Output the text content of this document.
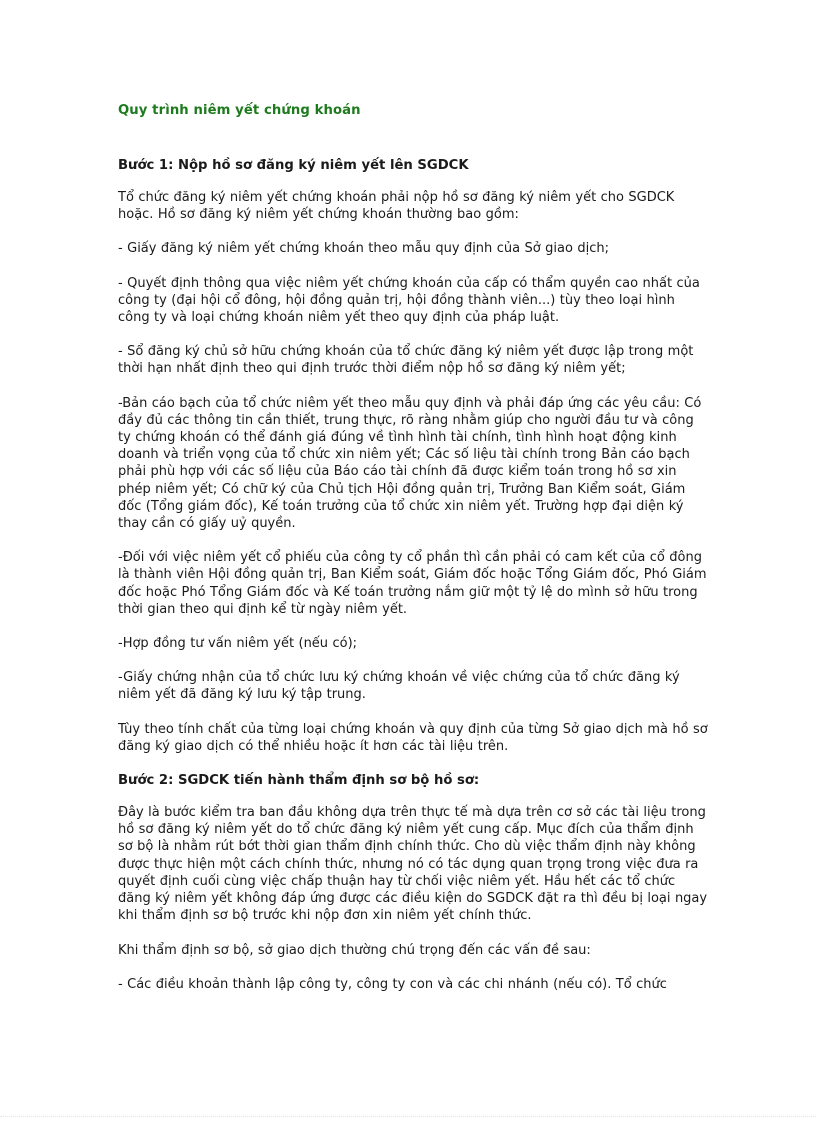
Quy trình niêm yết chứng khoán
Bước 1: Nộp hồ sơ đăng ký niêm yết lên SGDCK

Tổ chức đăng ký niêm yết chứng khoán phải nộp hồ sơ đăng ký niêm yết cho SGDCK hoặc. Hồ sơ đăng ký niêm yết chứng khoán thường bao gồm:

- Giấy đăng ký niêm yết chứng khoán theo mẫu quy định của Sở giao dịch;

- Quyết định thông qua việc niêm yết chứng khoán của cấp có thẩm quyền cao nhất của công ty (đại hội cổ đông, hội đồng quản trị, hội đồng thành viên...) tùy theo loại hình công ty và loại chứng khoán niêm yết theo quy định của pháp luật.

- Sổ đăng ký chủ sở hữu chứng khoán của tổ chức đăng ký niêm yết được lập trong một thời hạn nhất định theo qui định trước thời điểm nộp hồ sơ đăng ký niêm yết;

-Bản cáo bạch của tổ chức niêm yết theo mẫu quy định và phải đáp ứng các yêu cầu: Có đầy đủ các thông tin cần thiết, trung thực, rõ ràng nhằm giúp cho người đầu tư và công ty chứng khoán có thể đánh giá đúng về tình hình tài chính, tình hình hoạt động kinh doanh và triển vọng của tổ chức xin niêm yết; Các số liệu tài chính trong Bản cáo bạch phải phù hợp với các số liệu của Báo cáo tài chính đã được kiểm toán trong hồ sơ xin phép niêm yết; Có chữ ký của Chủ tịch Hội đồng quản trị, Trưởng Ban Kiểm soát, Giám đốc (Tổng giám đốc), Kế toán trưởng của tổ chức xin niêm yết. Trường hợp đại diện ký thay cần có giấy uỷ quyền.

-Đối với việc niêm yết cổ phiếu của công ty cổ phần thì cần phải có cam kết của cổ đông là thành viên Hội đồng quản trị, Ban Kiểm soát, Giám đốc hoặc Tổng Giám đốc, Phó Giám đốc hoặc Phó Tổng Giám đốc và Kế toán trưởng nắm giữ một tỷ lệ do mình sở hữu trong thời gian theo qui định kể từ ngày niêm yết.

-Hợp đồng tư vấn niêm yết (nếu có);

-Giấy chứng nhận của tổ chức lưu ký chứng khoán về việc chứng của tổ chức đăng ký niêm yết đã đăng ký lưu ký tập trung.

Tùy theo tính chất của từng loại chứng khoán và quy định của từng Sở giao dịch mà hồ sơ đăng ký giao dịch có thể nhiều hoặc ít hơn các tài liệu trên.

Bước 2: SGDCK tiến hành thẩm định sơ bộ hồ sơ:

Đây là bước kiểm tra ban đầu không dựa trên thực tế mà dựa trên cơ sở các tài liệu trong hồ sơ đăng ký niêm yết do tổ chức đăng ký niêm yết cung cấp. Mục đích của thẩm định sơ bộ là nhằm rút bớt thời gian thẩm định chính thức. Cho dù việc thẩm định này không được thực hiện một cách chính thức, nhưng nó có tác dụng quan trọng trong việc đưa ra quyết định cuối cùng việc chấp thuận hay từ chối việc niêm yết. Hầu hết các tổ chức đăng ký niêm yết không đáp ứng được các điều kiện do SGDCK đặt ra thì đều bị loại ngay khi thẩm định sơ bộ trước khi nộp đơn xin niêm yết chính thức.

Khi thẩm định sơ bộ, sở giao dịch thường chú trọng đến các vấn đề sau:

- Các điều khoản thành lập công ty, công ty con và các chi nhánh (nếu có). Tổ chức
